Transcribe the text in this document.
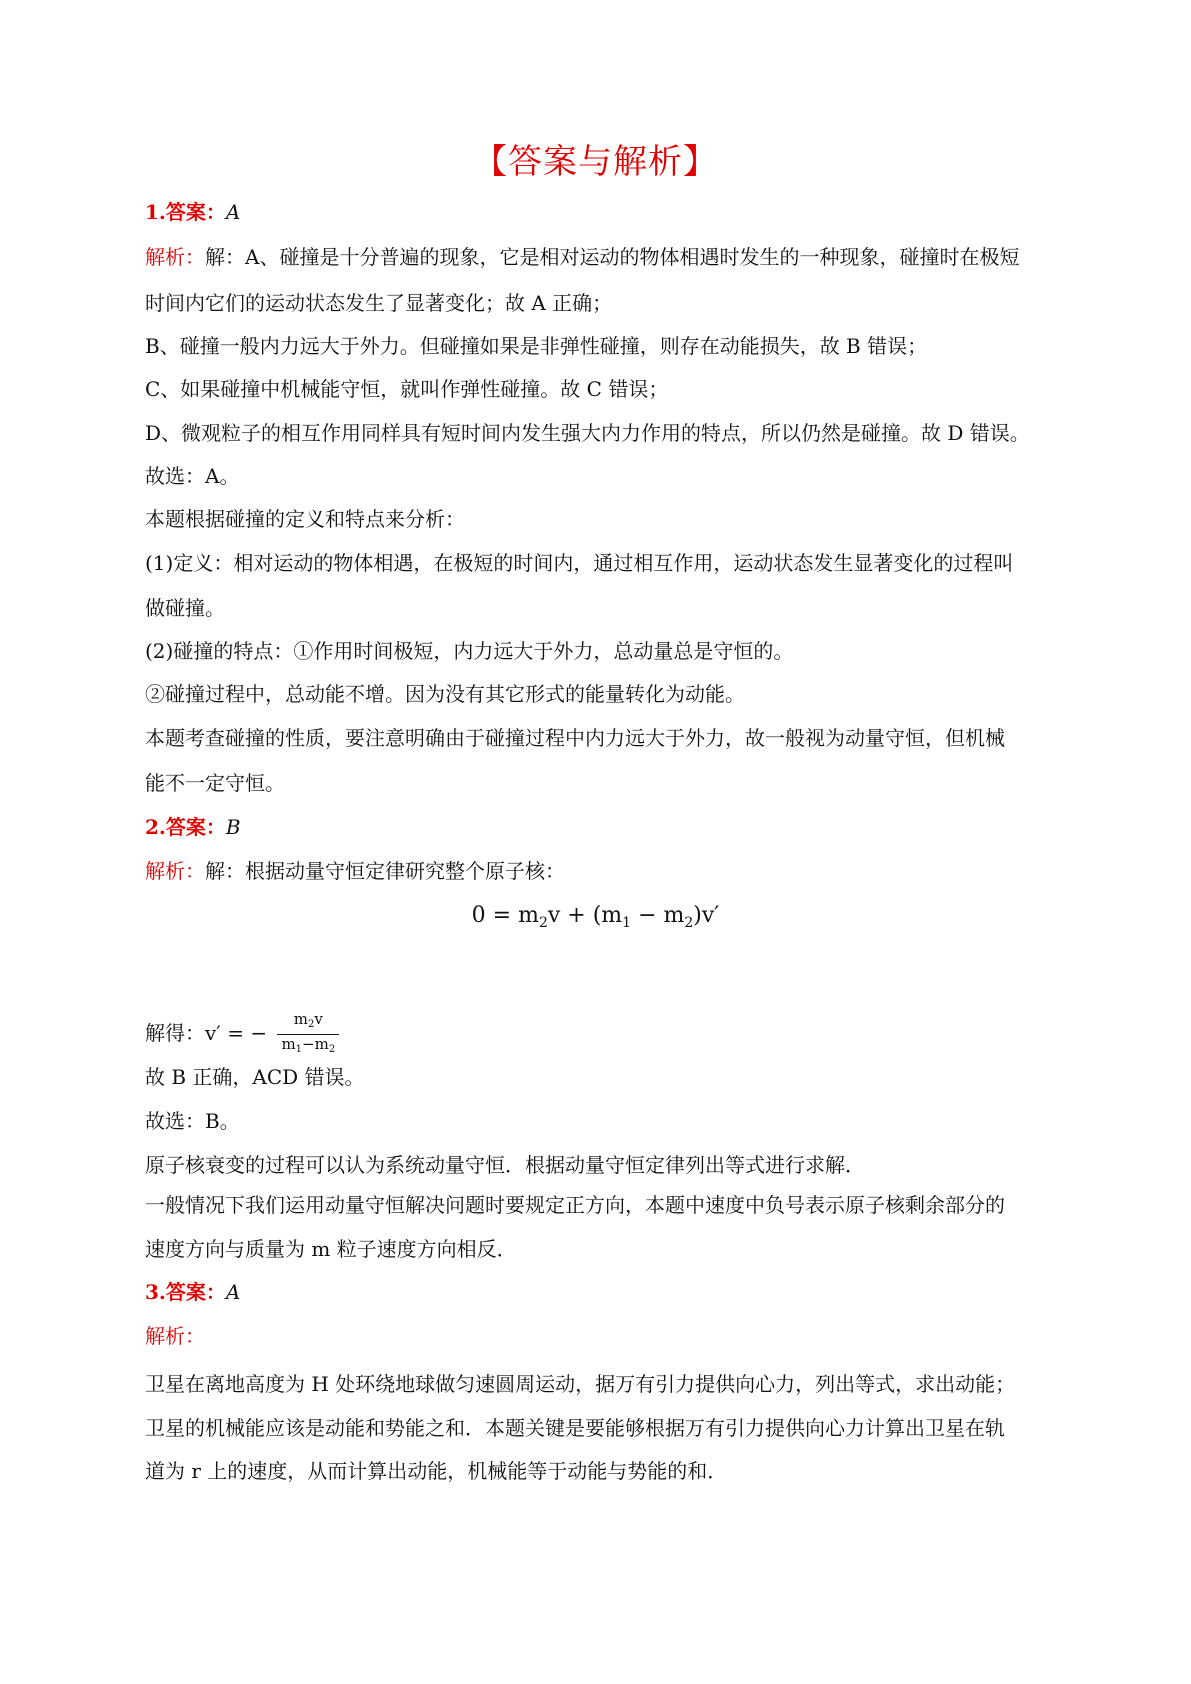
【答案与解析】
1.答案：A
解析：解：A、碰撞是十分普遍的现象，它是相对运动的物体相遇时发生的一种现象，碰撞时在极短
时间内它们的运动状态发生了显著变化；故 A 正确；
B、碰撞一般内力远大于外力。但碰撞如果是非弹性碰撞，则存在动能损失，故 B 错误；
C、如果碰撞中机械能守恒，就叫作弹性碰撞。故 C 错误；
D、微观粒子的相互作用同样具有短时间内发生强大内力作用的特点，所以仍然是碰撞。故 D 错误。
故选：A。
本题根据碰撞的定义和特点来分析：
(1)定义：相对运动的物体相遇，在极短的时间内，通过相互作用，运动状态发生显著变化的过程叫
做碰撞。
(2)碰撞的特点：①作用时间极短，内力远大于外力，总动量总是守恒的。
②碰撞过程中，总动能不增。因为没有其它形式的能量转化为动能。
本题考查碰撞的性质，要注意明确由于碰撞过程中内力远大于外力，故一般视为动量守恒，但机械
能不一定守恒。
2.答案：B
解析：解：根据动量守恒定律研究整个原子核：
$0 = m_2v + (m_1 - m_2)v'$
解得：v′ = − $\frac{m_2v}{m_1-m_2}$
故 B 正确，ACD 错误。
故选：B。
原子核衰变的过程可以认为系统动量守恒．根据动量守恒定律列出等式进行求解．
一般情况下我们运用动量守恒解决问题时要规定正方向，本题中速度中负号表示原子核剩余部分的
速度方向与质量为 m 粒子速度方向相反．
3.答案：A
解析：
卫星在离地高度为 H 处环绕地球做匀速圆周运动，据万有引力提供向心力，列出等式，求出动能；
卫星的机械能应该是动能和势能之和．本题关键是要能够根据万有引力提供向心力计算出卫星在轨
道为 r 上的速度，从而计算出动能，机械能等于动能与势能的和．
